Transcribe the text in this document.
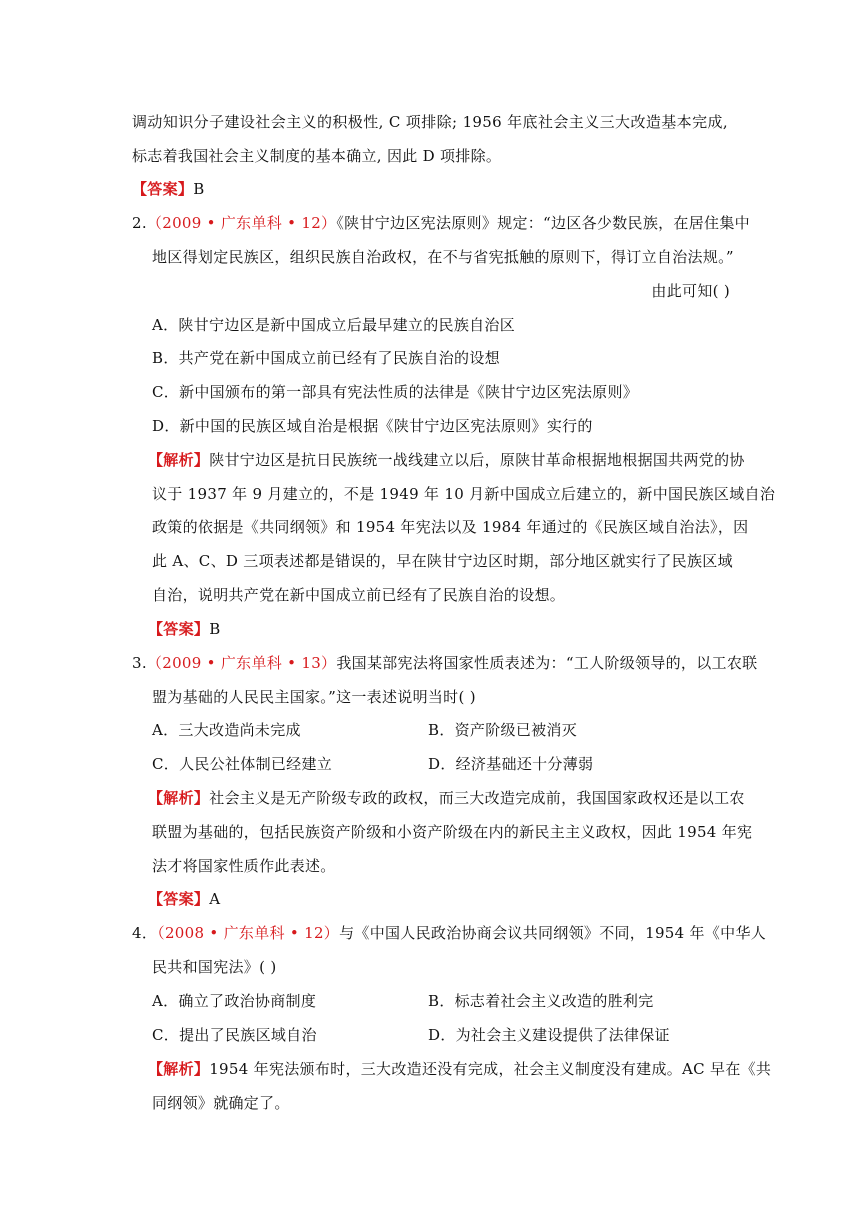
调动知识分子建设社会主义的积极性, C 项排除; 1956 年底社会主义三大改造基本完成,
标志着我国社会主义制度的基本确立, 因此 D 项排除。
【答案】B
2.（2009 • 广东单科 • 12）《陕甘宁边区宪法原则》规定：“边区各少数民族，在居住集中
地区得划定民族区，组织民族自治政权，在不与省宪抵触的原则下，得订立自治法规。”
由此可知( )
A．陕甘宁边区是新中国成立后最早建立的民族自治区
B．共产党在新中国成立前已经有了民族自治的设想
C．新中国颁布的第一部具有宪法性质的法律是《陕甘宁边区宪法原则》
D．新中国的民族区域自治是根据《陕甘宁边区宪法原则》实行的
【解析】陕甘宁边区是抗日民族统一战线建立以后，原陕甘革命根据地根据国共两党的协
议于 1937 年 9 月建立的，不是 1949 年 10 月新中国成立后建立的，新中国民族区域自治
政策的依据是《共同纲领》和 1954 年宪法以及 1984 年通过的《民族区域自治法》，因
此 A、C、D 三项表述都是错误的，早在陕甘宁边区时期，部分地区就实行了民族区域
自治，说明共产党在新中国成立前已经有了民族自治的设想。
【答案】B
3.（2009 • 广东单科 • 13）我国某部宪法将国家性质表述为：“工人阶级领导的，以工农联
盟为基础的人民民主国家。”这一表述说明当时( )
A．三大改造尚未完成	B．资产阶级已被消灭
C．人民公社体制已经建立	D．经济基础还十分薄弱
【解析】社会主义是无产阶级专政的政权，而三大改造完成前，我国国家政权还是以工农
联盟为基础的，包括民族资产阶级和小资产阶级在内的新民主主义政权，因此 1954 年宪
法才将国家性质作此表述。
【答案】A
4．（2008 • 广东单科 • 12）与《中国人民政治协商会议共同纲领》不同，1954 年《中华人
民共和国宪法》( )
A．确立了政治协商制度	B．标志着社会主义改造的胜利完
C．提出了民族区域自治	D．为社会主义建设提供了法律保证
【解析】1954 年宪法颁布时，三大改造还没有完成，社会主义制度没有建成。AC 早在《共
同纲领》就确定了。
